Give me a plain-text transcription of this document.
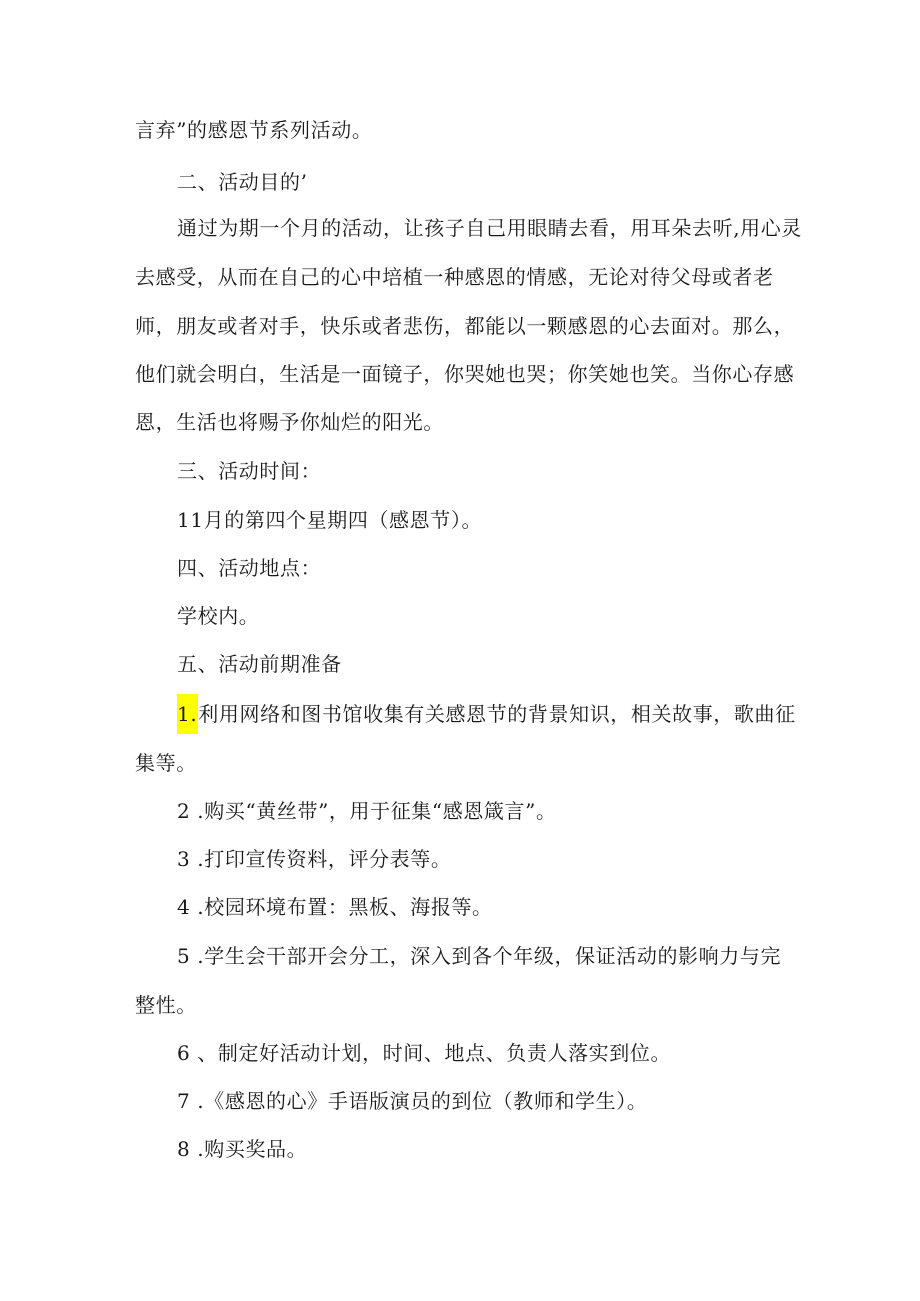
言弃”的感恩节系列活动。
二、活动目的’
通过为期一个月的活动，让孩子自己用眼睛去看，用耳朵去听,用心灵
去感受，从而在自己的心中培植一种感恩的情感，无论对待父母或者老
师，朋友或者对手，快乐或者悲伤，都能以一颗感恩的心去面对。那么，
他们就会明白，生活是一面镜子，你哭她也哭；你笑她也笑。当你心存感
恩，生活也将赐予你灿烂的阳光。
三、活动时间：
11月的第四个星期四（感恩节）。
四、活动地点：
学校内。
五、活动前期准备
1.利用网络和图书馆收集有关感恩节的背景知识，相关故事，歌曲征
集等。
2 .购买“黄丝带”，用于征集“感恩箴言”。
3 .打印宣传资料，评分表等。
4 .校园环境布置：黑板、海报等。
5 .学生会干部开会分工，深入到各个年级，保证活动的影响力与完
整性。
6 、制定好活动计划，时间、地点、负责人落实到位。
7 .《感恩的心》手语版演员的到位（教师和学生）。
8 .购买奖品。
